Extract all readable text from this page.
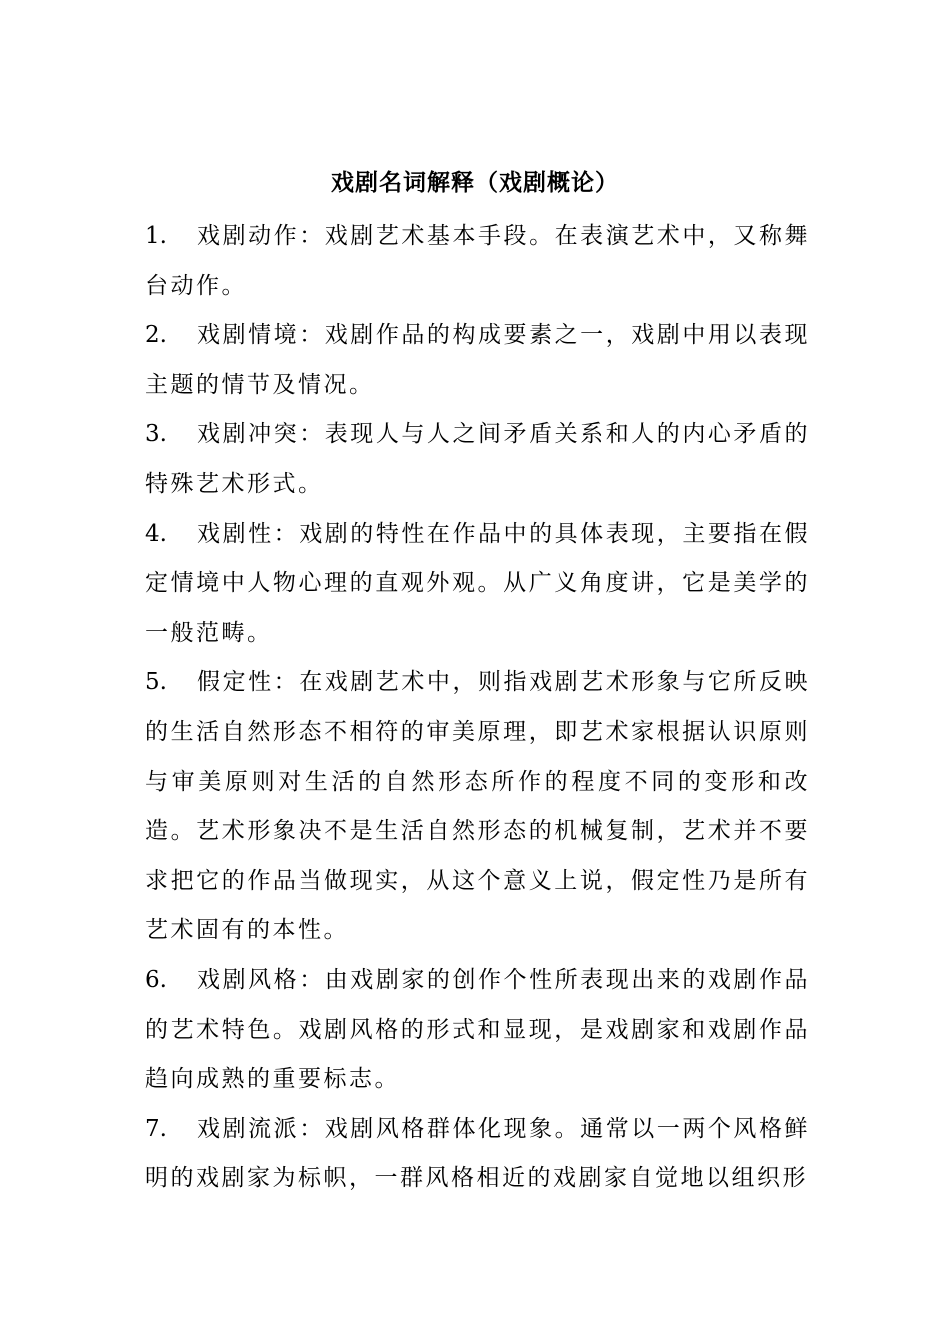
戏剧名词解释（戏剧概论）

1. 戏剧动作：戏剧艺术基本手段。在表演艺术中，又称舞台动作。

2. 戏剧情境：戏剧作品的构成要素之一，戏剧中用以表现主题的情节及情况。

3. 戏剧冲突：表现人与人之间矛盾关系和人的内心矛盾的特殊艺术形式。

4. 戏剧性：戏剧的特性在作品中的具体表现，主要指在假定情境中人物心理的直观外观。从广义角度讲，它是美学的一般范畴。

5. 假定性：在戏剧艺术中，则指戏剧艺术形象与它所反映的生活自然形态不相符的审美原理，即艺术家根据认识原则与审美原则对生活的自然形态所作的程度不同的变形和改造。艺术形象决不是生活自然形态的机械复制，艺术并不要求把它的作品当做现实，从这个意义上说，假定性乃是所有艺术固有的本性。

6. 戏剧风格：由戏剧家的创作个性所表现出来的戏剧作品的艺术特色。戏剧风格的形式和显现，是戏剧家和戏剧作品趋向成熟的重要标志。

7. 戏剧流派：戏剧风格群体化现象。通常以一两个风格鲜明的戏剧家为标帜，一群风格相近的戏剧家自觉地以组织形
